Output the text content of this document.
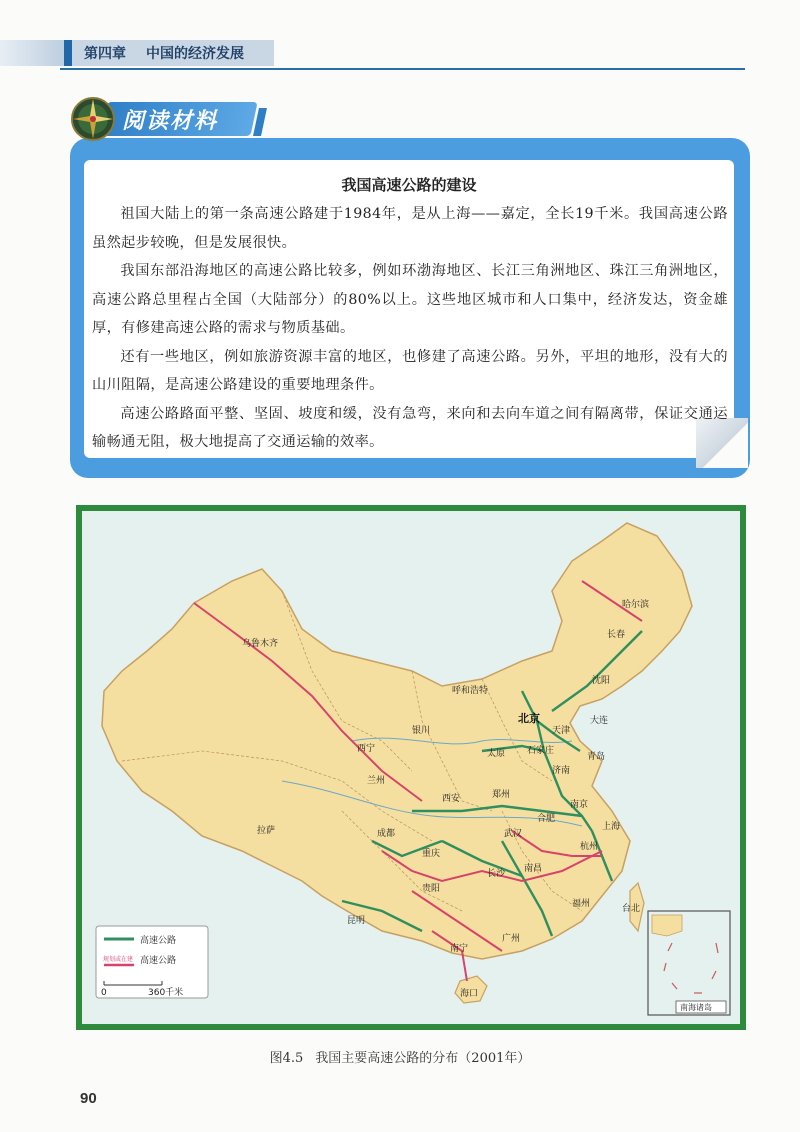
第四章 中国的经济发展
阅读材料
我国高速公路的建设

祖国大陆上的第一条高速公路建于1984年，是从上海——嘉定，全长19千米。我国高速公路虽然起步较晚，但是发展很快。

我国东部沿海地区的高速公路比较多，例如环渤海地区、长江三角洲地区、珠江三角洲地区，高速公路总里程占全国（大陆部分）的80%以上。这些地区城市和人口集中，经济发达，资金雄厚，有修建高速公路的需求与物质基础。

还有一些地区，例如旅游资源丰富的地区，也修建了高速公路。另外，平坦的地形，没有大的山川阻隔，是高速公路建设的重要地理条件。

高速公路路面平整、坚固、坡度和缓，没有急弯，来向和去向车道之间有隔离带，保证交通运输畅通无阻，极大地提高了交通运输的效率。

哈尔滨
长春
沈阳
乌鲁木齐
呼和浩特
北京
天津
大连
银川
太原 石家庄
济南
青岛
西宁
兰州
西安	郑州
合肥
南京
上海
杭州
拉萨	成都
重庆
武汉
长沙 南昌
福州
贵阳
昆明
南宁
广州
台北
海口
高速公路
规划或在建 高速公路
0	360千米
南海诸岛
图4.5 我国主要高速公路的分布（2001年）
90
